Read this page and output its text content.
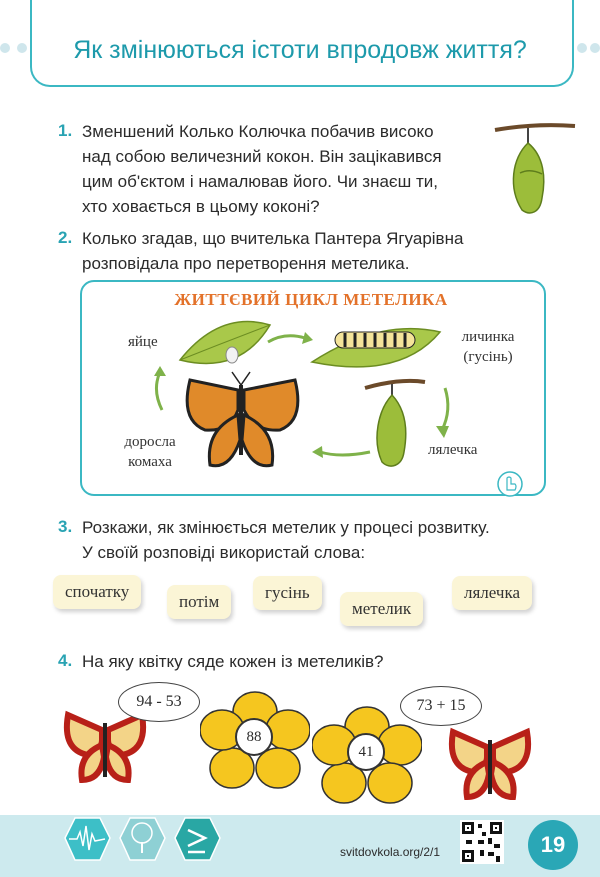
Як змінюються істоти впродовж життя?
1. Зменшений Колько Колючка побачив високо
над собою величезний кокон. Він зацікавився
цим об'єктом і намалював його. Чи знаєш ти,
хто ховається в цьому коконі?
2. Колько згадав, що вчителька Пантера Ягуарівна
розповідала про перетворення метелика.
ЖИТТЄВИЙ ЦИКЛ МЕТЕЛИКА
яйце	личинка
(гусінь)
лялечка
доросла
комаха
3. Розкажи, як змінюється метелик у процесі розвитку.
У своїй розповіді використай слова:
спочатку
потім	гусінь
метелик
лялечка
4. На яку квітку сяде кожен із метеликів?
94 - 53
88
41
73 + 15
svitdovkola.org/2/1	19
